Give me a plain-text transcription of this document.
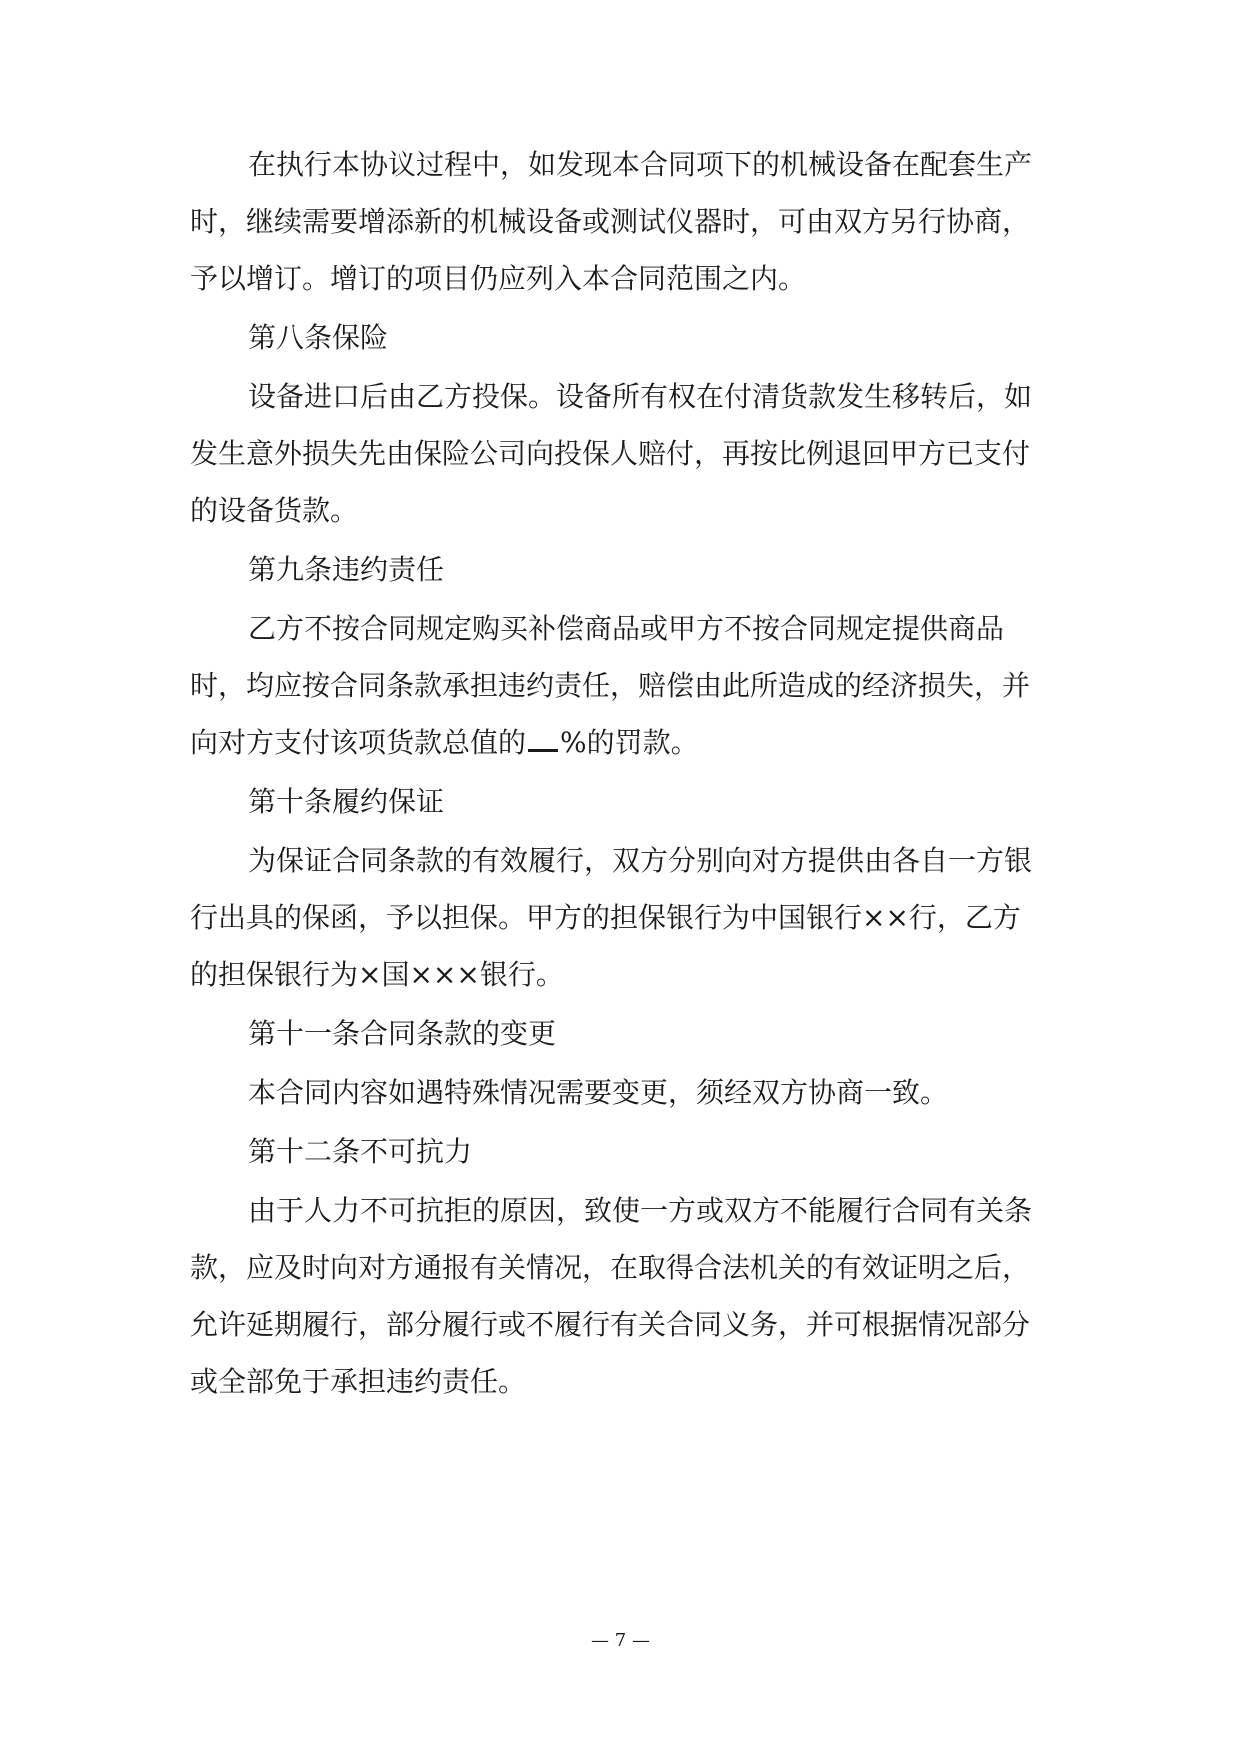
在执行本协议过程中，如发现本合同项下的机械设备在配套生产
时，继续需要增添新的机械设备或测试仪器时，可由双方另行协商，
予以增订。增订的项目仍应列入本合同范围之内。
第八条保险
设备进口后由乙方投保。设备所有权在付清货款发生移转后，如
发生意外损失先由保险公司向投保人赔付，再按比例退回甲方已支付
的设备货款。
第九条违约责任
乙方不按合同规定购买补偿商品或甲方不按合同规定提供商品
时，均应按合同条款承担违约责任，赔偿由此所造成的经济损失，并
向对方支付该项货款总值的 %的罚款。
第十条履约保证
为保证合同条款的有效履行，双方分别向对方提供由各自一方银
行出具的保函，予以担保。甲方的担保银行为中国银行××行，乙方
的担保银行为×国×××银行。
第十一条合同条款的变更
本合同内容如遇特殊情况需要变更，须经双方协商一致。
第十二条不可抗力
由于人力不可抗拒的原因，致使一方或双方不能履行合同有关条
款，应及时向对方通报有关情况，在取得合法机关的有效证明之后，
允许延期履行，部分履行或不履行有关合同义务，并可根据情况部分
或全部免于承担违约责任。
— 7 —
